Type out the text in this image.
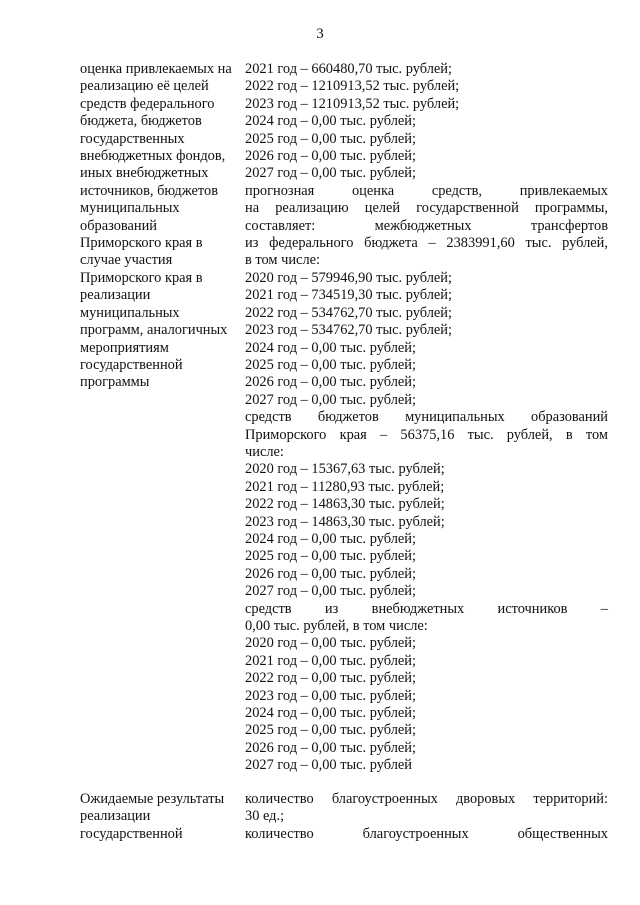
3
оценка привлекаемых на
реализацию её целей
средств федерального
бюджета, бюджетов
государственных
внебюджетных фондов,
иных внебюджетных
источников, бюджетов
муниципальных
образований
Приморского края в
случае участия
Приморского края в
реализации
муниципальных
программ, аналогичных
мероприятиям
государственной
программы
2021 год – 660480,70 тыс. рублей;
2022 год – 1210913,52 тыс. рублей;
2023 год – 1210913,52 тыс. рублей;
2024 год – 0,00 тыс. рублей;
2025 год – 0,00 тыс. рублей;
2026 год – 0,00 тыс. рублей;
2027 год – 0,00 тыс. рублей;
прогнозная оценка средств, привлекаемых
на реализацию целей государственной программы,
составляет: межбюджетных трансфертов
из федерального бюджета – 2383991,60 тыс. рублей,
в том числе:
2020 год – 579946,90 тыс. рублей;
2021 год – 734519,30 тыс. рублей;
2022 год – 534762,70 тыс. рублей;
2023 год – 534762,70 тыс. рублей;
2024 год – 0,00 тыс. рублей;
2025 год – 0,00 тыс. рублей;
2026 год – 0,00 тыс. рублей;
2027 год – 0,00 тыс. рублей;
средств бюджетов муниципальных образований
Приморского края – 56375,16 тыс. рублей, в том
числе:
2020 год – 15367,63 тыс. рублей;
2021 год – 11280,93 тыс. рублей;
2022 год – 14863,30 тыс. рублей;
2023 год – 14863,30 тыс. рублей;
2024 год – 0,00 тыс. рублей;
2025 год – 0,00 тыс. рублей;
2026 год – 0,00 тыс. рублей;
2027 год – 0,00 тыс. рублей;
средств из внебюджетных источников –
0,00 тыс. рублей, в том числе:
2020 год – 0,00 тыс. рублей;
2021 год – 0,00 тыс. рублей;
2022 год – 0,00 тыс. рублей;
2023 год – 0,00 тыс. рублей;
2024 год – 0,00 тыс. рублей;
2025 год – 0,00 тыс. рублей;
2026 год – 0,00 тыс. рублей;
2027 год – 0,00 тыс. рублей
Ожидаемые результаты
реализации
государственной
количество благоустроенных дворовых территорий:
30 ед.;
количество благоустроенных общественных
